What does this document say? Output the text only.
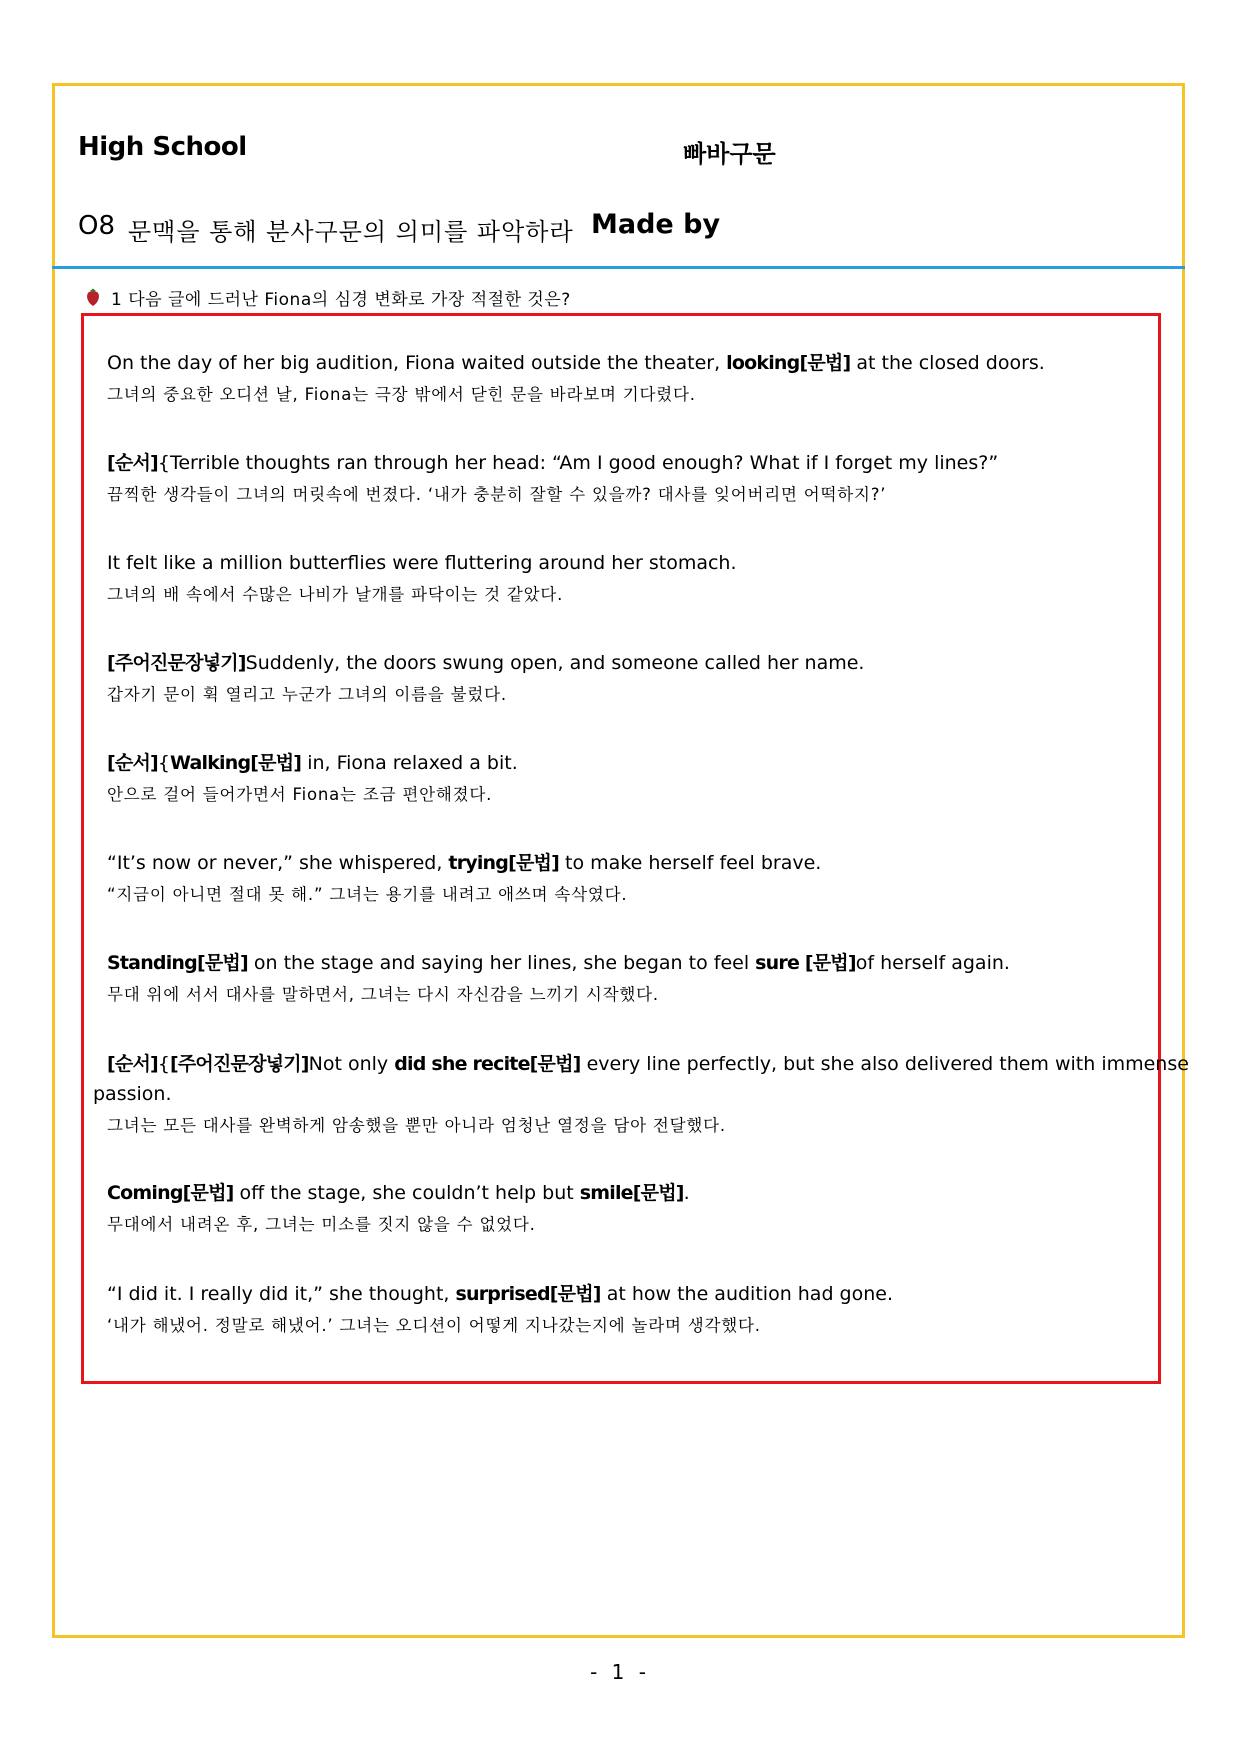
High School	빠바구문
O8 문맥을 통해 분사구문의 의미를 파악하라 Made by
1 다음 글에 드러난 Fiona의 심경 변화로 가장 적절한 것은?
On the day of her big audition, Fiona waited outside the theater, looking[문법] at the closed doors.
그녀의 중요한 오디션 날, Fiona는 극장 밖에서 닫힌 문을 바라보며 기다렸다.
[순서]{Terrible thoughts ran through her head: “Am I good enough? What if I forget my lines?”
끔찍한 생각들이 그녀의 머릿속에 번졌다. ‘내가 충분히 잘할 수 있을까? 대사를 잊어버리면 어떡하지?’
It felt like a million butterflies were fluttering around her stomach.
그녀의 배 속에서 수많은 나비가 날개를 파닥이는 것 같았다.
[주어진문장넣기]Suddenly, the doors swung open, and someone called her name.
갑자기 문이 휙 열리고 누군가 그녀의 이름을 불렀다.
[순서]{Walking[문법] in, Fiona relaxed a bit.
안으로 걸어 들어가면서 Fiona는 조금 편안해졌다.
“It’s now or never,” she whispered, trying[문법] to make herself feel brave.
“지금이 아니면 절대 못 해.” 그녀는 용기를 내려고 애쓰며 속삭였다.
Standing[문법] on the stage and saying her lines, she began to feel sure [문법]of herself again.
무대 위에 서서 대사를 말하면서, 그녀는 다시 자신감을 느끼기 시작했다.
[순서]{[주어진문장넣기]Not only did she recite[문법] every line perfectly, but she also delivered them with immense
passion.
그녀는 모든 대사를 완벽하게 암송했을 뿐만 아니라 엄청난 열정을 담아 전달했다.
Coming[문법] off the stage, she couldn’t help but smile[문법].
무대에서 내려온 후, 그녀는 미소를 짓지 않을 수 없었다.
“I did it. I really did it,” she thought, surprised[문법] at how the audition had gone.
‘내가 해냈어. 정말로 해냈어.’ 그녀는 오디션이 어떻게 지나갔는지에 놀라며 생각했다.
- 1 -
